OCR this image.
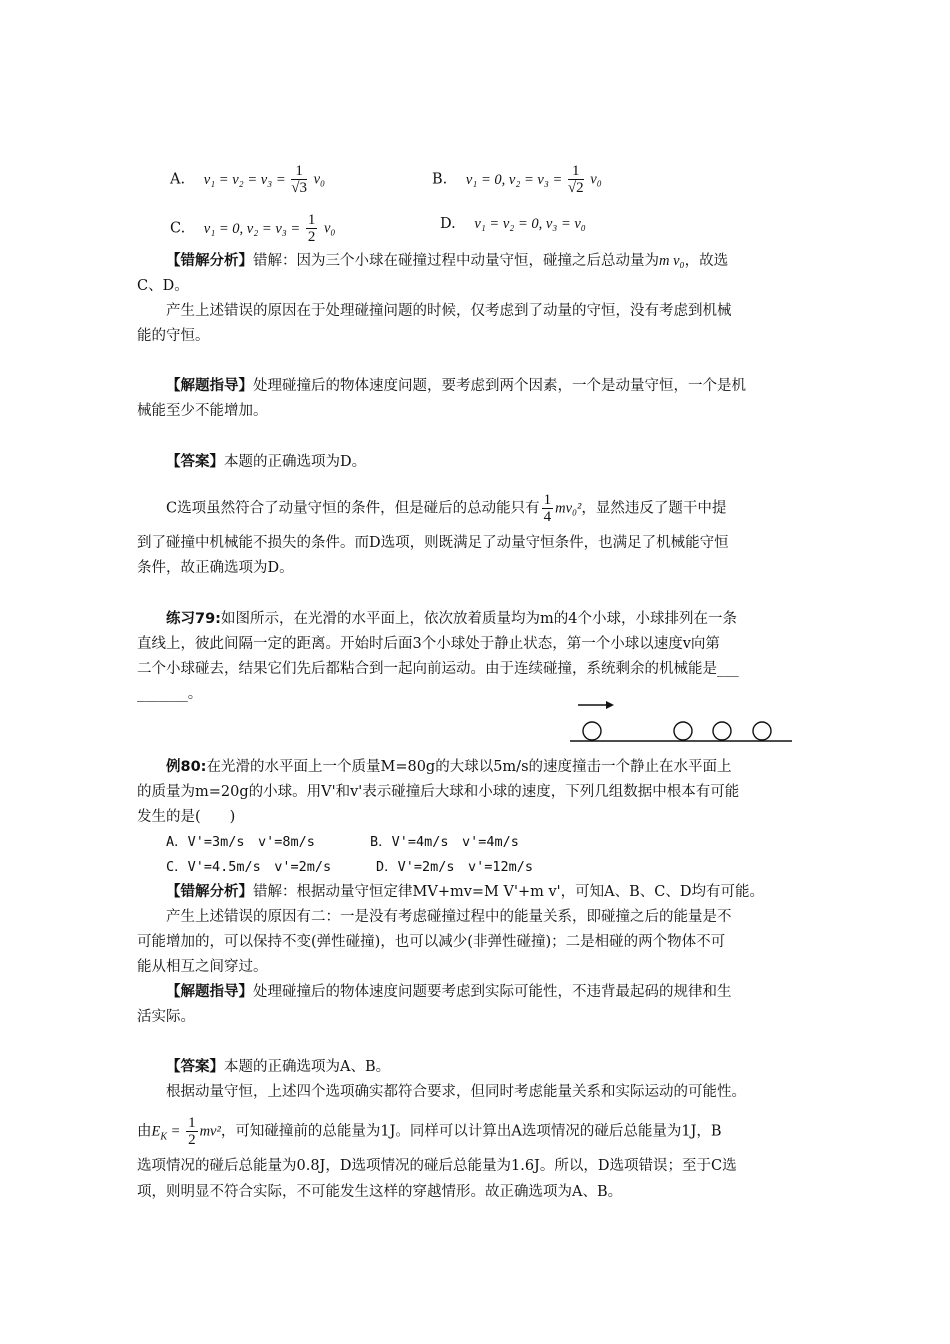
A. $v_1 = v_2 = v_3 = \frac{1}{√3} v_0$	B. v₁ = 0, $v_2 = v_3 = \frac{1}{√2} v_0$
C. v₁ = 0, $v_2 = v_3 = \frac{1}{2} v_0$	D. v₁ = v₂ = 0, v₃ = v₀
【错解分析】错解：因为三个小球在碰撞过程中动量守恒，碰撞之后总动量为m v₀，故选
C、D。
产生上述错误的原因在于处理碰撞问题的时候，仅考虑到了动量的守恒，没有考虑到机械
能的守恒。
【解题指导】处理碰撞后的物体速度问题，要考虑到两个因素，一个是动量守恒，一个是机
械能至少不能增加。
【答案】本题的正确选项为D。
C选项虽然符合了动量守恒的条件，但是碰后的总动能只有 $\frac{1}{4} mv_0^2$，显然违反了题干中提
到了碰撞中机械能不损失的条件。而D选项，则既满足了动量守恒条件，也满足了机械能守恒
条件，故正确选项为D。
练习79:如图所示，在光滑的水平面上，依次放着质量均为m的4个小球，小球排列在一条
直线上，彼此间隔一定的距离。开始时后面3个小球处于静止状态，第一个小球以速度v向第
二个小球碰去，结果它们先后都粘合到一起向前运动。由于连续碰撞，系统剩余的机械能是___
_______。
例80:在光滑的水平面上一个质量M=80g的大球以5m/s的速度撞击一个静止在水平面上
的质量为m=20g的小球。用V'和v'表示碰撞后大球和小球的速度，下列几组数据中根本有可能
发生的是(　　)
A．V'=3m/s　v'=8m/s	B．V'=4m/s　v'=4m/s
C．V'=4.5m/s　v'=2m/s	D．V'=2m/s　v'=12m/s
【错解分析】错解：根据动量守恒定律MV+mv=M V'+m v'，可知A、B、C、D均有可能。
产生上述错误的原因有二：一是没有考虑碰撞过程中的能量关系，即碰撞之后的能量是不
可能增加的，可以保持不变(弹性碰撞)，也可以减少(非弹性碰撞)；二是相碰的两个物体不可
能从相互之间穿过。
【解题指导】处理碰撞后的物体速度问题要考虑到实际可能性，不违背最起码的规律和生
活实际。
【答案】本题的正确选项为A、B。
根据动量守恒，上述四个选项确实都符合要求，但同时考虑能量关系和实际运动的可能性。
由$E_K = \frac{1}{2} mv^2$，可知碰撞前的总能量为1J。同样可以计算出A选项情况的碰后总能量为1J，B
选项情况的碰后总能量为0.8J，D选项情况的碰后总能量为1.6J。所以，D选项错误；至于C选
项，则明显不符合实际，不可能发生这样的穿越情形。故正确选项为A、B。
